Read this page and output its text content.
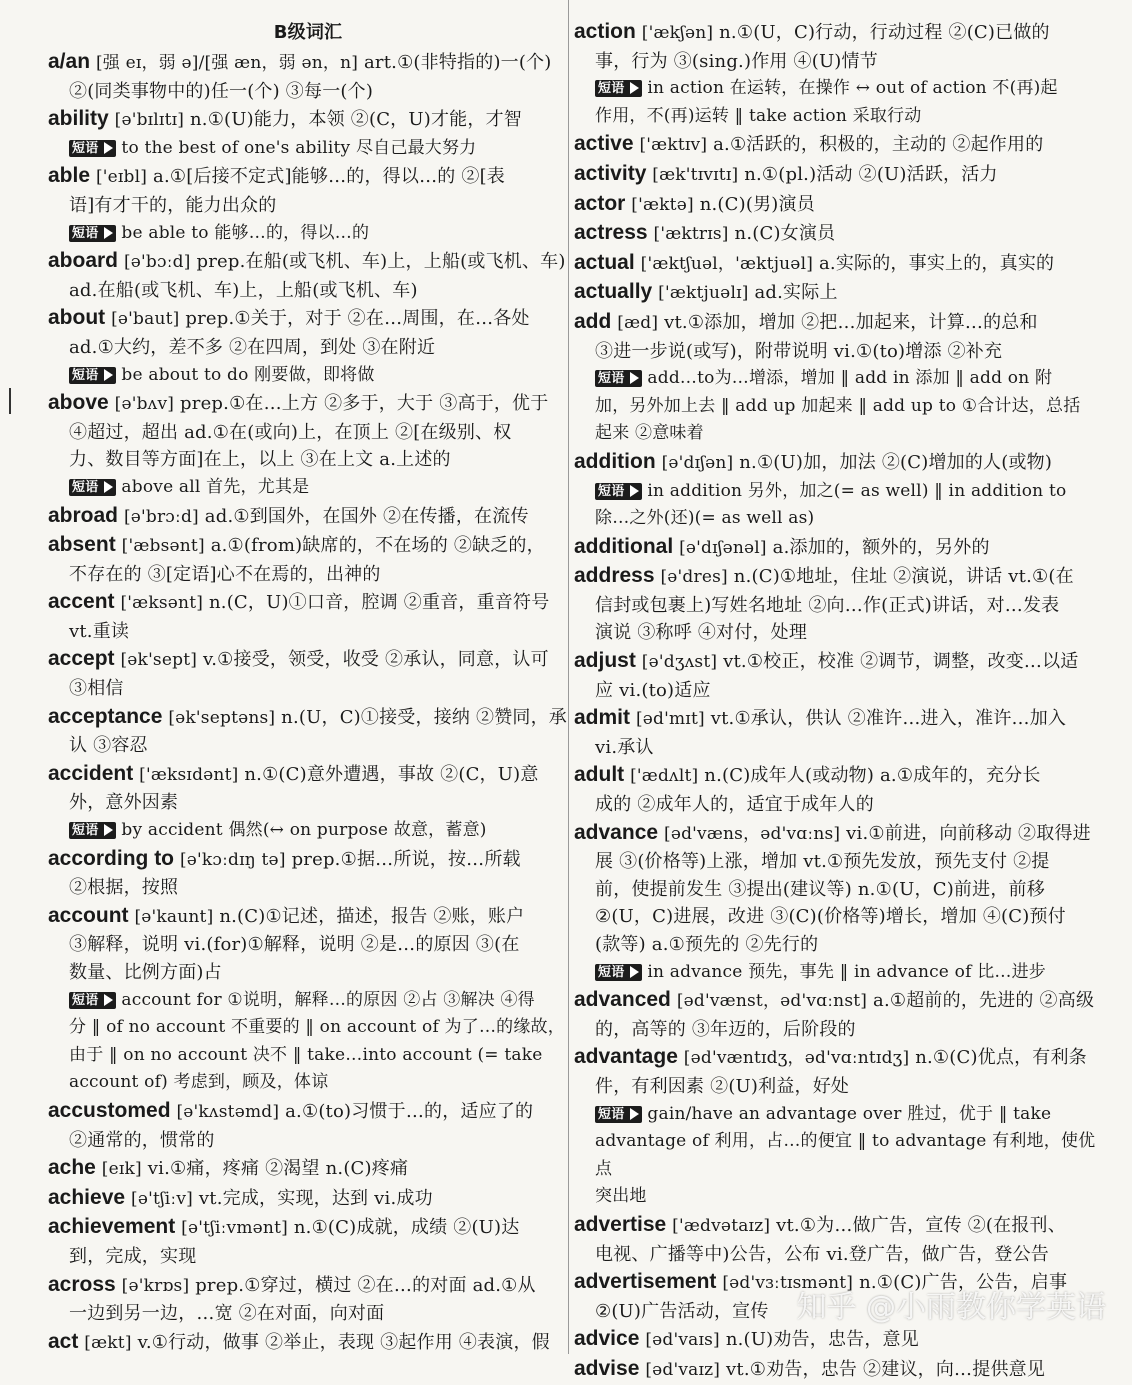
B级词汇
a/an [强 eɪ，弱 ə]/[强 æn，弱 ən，n] art.①(非特指的)一(个)
②(同类事物中的)任一(个) ③每一(个)
ability [ə'bɪlɪtɪ] n.①(U)能力，本领 ②(C，U)才能，才智
短语 to the best of one's ability 尽自己最大努力
able ['eɪbl] a.①[后接不定式]能够…的，得以…的 ②[表
语]有才干的，能力出众的
短语 be able to 能够…的，得以…的
aboard [ə'bɔːd] prep.在船(或飞机、车)上，上船(或飞机、车)
ad.在船(或飞机、车)上，上船(或飞机、车)
about [ə'baut] prep.①关于，对于 ②在…周围，在…各处
ad.①大约，差不多 ②在四周，到处 ③在附近
短语 be about to do 刚要做，即将做
above [ə'bʌv] prep.①在…上方 ②多于，大于 ③高于，优于
④超过，超出 ad.①在(或向)上，在顶上 ②[在级别、权
力、数目等方面]在上，以上 ③在上文 a.上述的
短语 above all 首先，尤其是
abroad [ə'brɔːd] ad.①到国外，在国外 ②在传播，在流传
absent ['æbsənt] a.①(from)缺席的，不在场的 ②缺乏的，
不存在的 ③[定语]心不在焉的，出神的
accent ['æksənt] n.(C，U)①口音，腔调 ②重音，重音符号
vt.重读
accept [ək'sept] v.①接受，领受，收受 ②承认，同意，认可
③相信
acceptance [ək'septəns] n.(U，C)①接受，接纳 ②赞同，承
认 ③容忍
accident ['æksɪdənt] n.①(C)意外遭遇，事故 ②(C，U)意
外，意外因素
短语 by accident 偶然(↔ on purpose 故意，蓄意)
according to [ə'kɔːdɪŋ tə] prep.①据…所说，按…所载
②根据，按照
account [ə'kaunt] n.(C)①记述，描述，报告 ②账，账户
③解释，说明 vi.(for)①解释，说明 ②是…的原因 ③(在
数量、比例方面)占
短语 account for ①说明，解释…的原因 ②占 ③解决 ④得
分 ‖ of no account 不重要的 ‖ on account of 为了…的缘故，
由于 ‖ on no account 决不 ‖ take…into account (= take
account of) 考虑到，顾及，体谅
accustomed [ə'kʌstəmd] a.①(to)习惯于…的，适应了的
②通常的，惯常的
ache [eɪk] vi.①痛，疼痛 ②渴望 n.(C)疼痛
achieve [ə'tʃiːv] vt.完成，实现，达到 vi.成功
achievement [ə'tʃiːvmənt] n.①(C)成就，成绩 ②(U)达
到，完成，实现
across [ə'krɒs] prep.①穿过，横过 ②在…的对面 ad.①从
一边到另一边，…宽 ②在对面，向对面
act [ækt] v.①行动，做事 ②举止，表现 ③起作用 ④表演，假
action ['ækʃən] n.①(U，C)行动，行动过程 ②(C)已做的
事，行为 ③(sing.)作用 ④(U)情节
短语 in action 在运转，在操作 ↔ out of action 不(再)起
作用，不(再)运转 ‖ take action 采取行动
active ['æktɪv] a.①活跃的，积极的，主动的 ②起作用的
activity [æk'tɪvɪtɪ] n.①(pl.)活动 ②(U)活跃，活力
actor ['æktə] n.(C)(男)演员
actress ['æktrɪs] n.(C)女演员
actual ['æktʃuəl，'æktjuəl] a.实际的，事实上的，真实的
actually ['æktjuəlɪ] ad.实际上
add [æd] vt.①添加，增加 ②把…加起来，计算…的总和
③进一步说(或写)，附带说明 vi.①(to)增添 ②补充
短语 add…to为…增添，增加 ‖ add in 添加 ‖ add on 附
加，另外加上去 ‖ add up 加起来 ‖ add up to ①合计达，总括
起来 ②意味着
addition [ə'dɪʃən] n.①(U)加，加法 ②(C)增加的人(或物)
短语 in addition 另外，加之(= as well) ‖ in addition to
除…之外(还)(= as well as)
additional [ə'dɪʃənəl] a.添加的，额外的，另外的
address [ə'dres] n.(C)①地址，住址 ②演说，讲话 vt.①(在
信封或包裹上)写姓名地址 ②向…作(正式)讲话，对…发表
演说 ③称呼 ④对付，处理
adjust [ə'dʒʌst] vt.①校正，校准 ②调节，调整，改变…以适
应 vi.(to)适应
admit [əd'mɪt] vt.①承认，供认 ②准许…进入，准许…加入
vi.承认
adult ['ædʌlt] n.(C)成年人(或动物) a.①成年的，充分长
成的 ②成年人的，适宜于成年人的
advance [əd'væns，əd'vɑːns] vi.①前进，向前移动 ②取得进
展 ③(价格等)上涨，增加 vt.①预先发放，预先支付 ②提
前，使提前发生 ③提出(建议等) n.①(U，C)前进，前移
②(U，C)进展，改进 ③(C)(价格等)增长，增加 ④(C)预付
(款等) a.①预先的 ②先行的
短语 in advance 预先，事先 ‖ in advance of 比…进步
advanced [əd'vænst，əd'vɑːnst] a.①超前的，先进的 ②高级
的，高等的 ③年迈的，后阶段的
advantage [əd'væntɪdʒ，əd'vɑːntɪdʒ] n.①(C)优点，有利条
件，有利因素 ②(U)利益，好处
短语 gain/have an advantage over 胜过，优于 ‖ take
advantage of 利用，占…的便宜 ‖ to advantage 有利地，使优点
突出地
advertise ['ædvətaɪz] vt.①为…做广告，宣传 ②(在报刊、
电视、广播等中)公告，公布 vi.登广告，做广告，登公告
advertisement [əd'vɜːtɪsmənt] n.①(C)广告，公告，启事
②(U)广告活动，宣传
advice [əd'vaɪs] n.(U)劝告，忠告，意见
advise [əd'vaɪz] vt.①劝告，忠告 ②建议，向…提供意见
知乎 @小雨教你学英语
